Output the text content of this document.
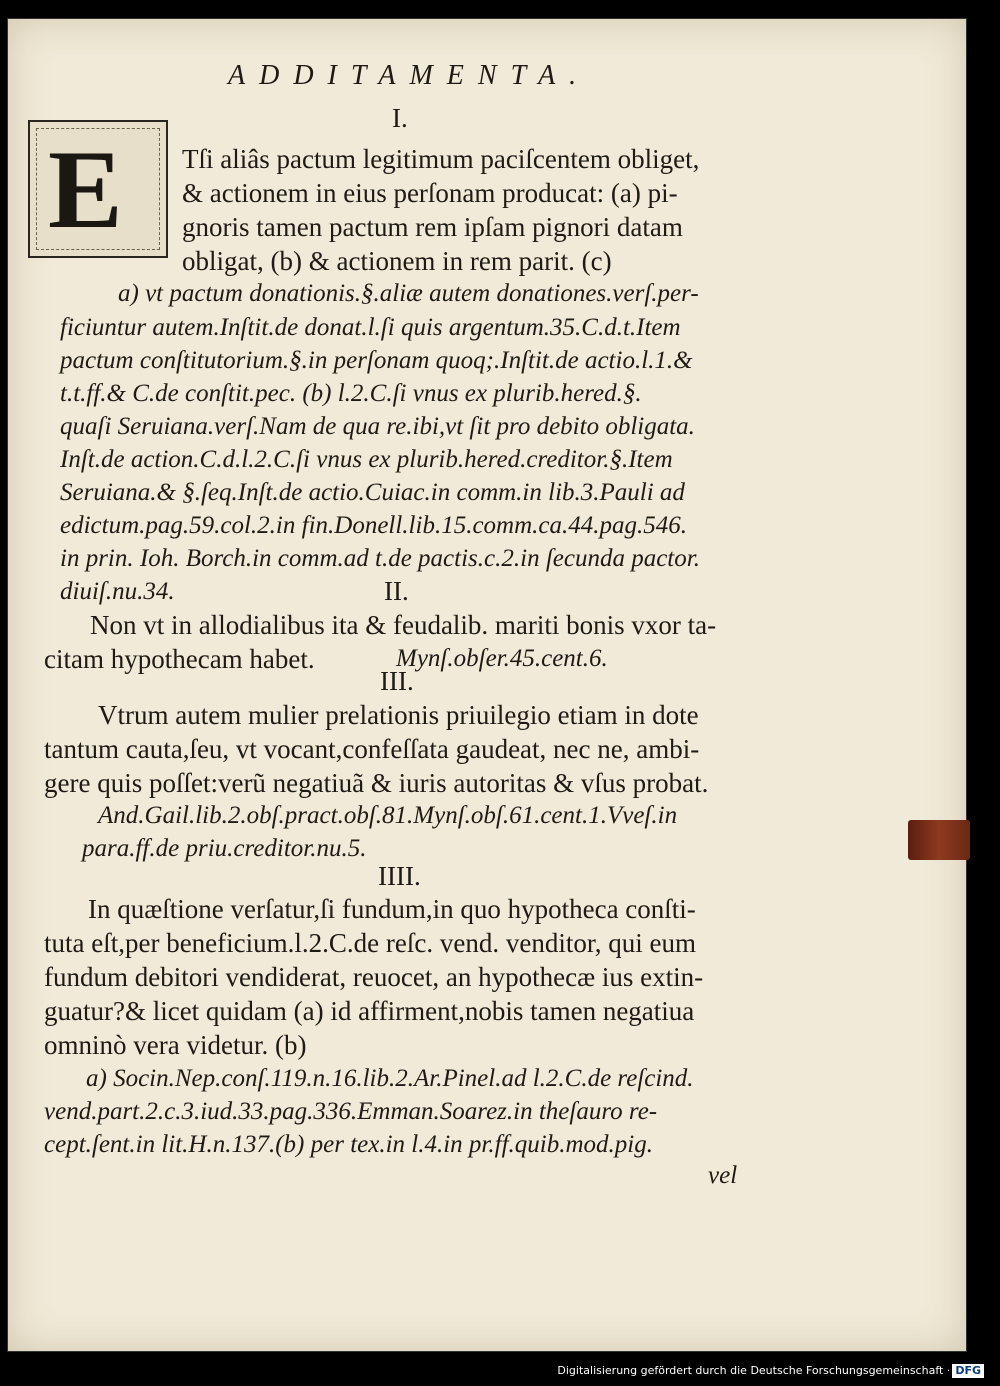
ADDITAMENTA.
I.
E Tſi aliâs pactum legitimum paciſcentem obliget,
& actionem in eius perſonam producat: (a) pi-
gnoris tamen pactum rem ipſam pignori datam
obligat, (b) & actionem in rem parit. (c)
a) vt pactum donationis.§.aliæ autem donationes.verſ.per-
ficiuntur autem.Inſtit.de donat.l.ſi quis argentum.35.C.d.t.Item
pactum conſtitutorium.§.in perſonam quoq;.Inſtit.de actio.l.1.&
t.t.ff.& C.de conſtit.pec. (b) l.2.C.ſi vnus ex plurib.hered.§.
quaſi Seruiana.verſ.Nam de qua re.ibi,vt ſit pro debito obligata.
Inſt.de action.C.d.l.2.C.ſi vnus ex plurib.hered.creditor.§.Item
Seruiana.& §.ſeq.Inſt.de actio.Cuiac.in comm.in lib.3.Pauli ad
edictum.pag.59.col.2.in fin.Donell.lib.15.comm.ca.44.pag.546.
in prin. Ioh. Borch.in comm.ad t.de pactis.c.2.in ſecunda pactor.
diuiſ.nu.34.	II.
Non vt in allodialibus ita & feudalib. mariti bonis vxor ta-
citam hypothecam habet.	Mynſ.obſer.45.cent.6.
III.
Vtrum autem mulier prelationis priuilegio etiam in dote
tantum cauta,ſeu, vt vocant,confeſſata gaudeat, nec ne, ambi-
gere quis poſſet:verũ negatiuã & iuris autoritas & vſus probat.
And.Gail.lib.2.obſ.pract.obſ.81.Mynſ.obſ.61.cent.1.Vveſ.in
para.ff.de priu.creditor.nu.5.
IIII.
In quæſtione verſatur,ſi fundum,in quo hypotheca conſti-
tuta eſt,per beneficium.l.2.C.de reſc. vend. venditor, qui eum
fundum debitori vendiderat, reuocet, an hypothecæ ius extin-
guatur?& licet quidam (a) id affirment,nobis tamen negatiua
omninò vera videtur. (b)
a) Socin.Nep.conſ.119.n.16.lib.2.Ar.Pinel.ad l.2.C.de reſcind.
vend.part.2.c.3.iud.33.pag.336.Emman.Soarez.in theſauro re-
cept.ſent.in lit.H.n.137.(b) per tex.in l.4.in pr.ff.quib.mod.pig.
vel
Digitalisierung gefördert durch die Deutsche Forschungsgemeinschaft · DFG
